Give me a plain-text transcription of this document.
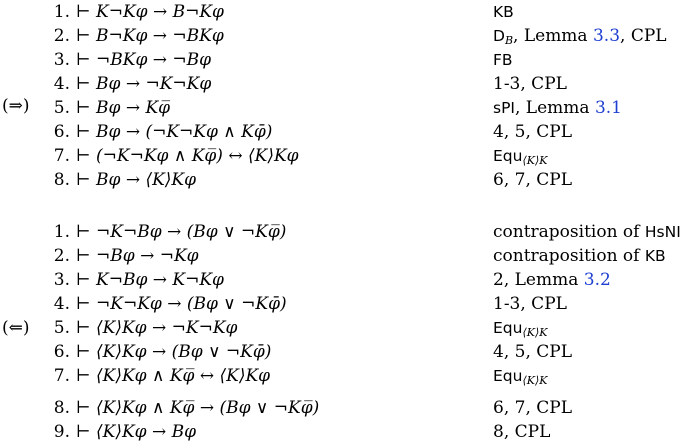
(⇒)
1. ⊢ K¬Kφ → B¬Kφ	KB
2. ⊢ B¬Kφ → ¬BKφ	$D_B$, Lemma 3.3, CPL
3. ⊢ ¬BKφ → ¬Bφ	FB
4. ⊢ Bφ → ¬K¬Kφ	1-3, CPL
5. ⊢ Bφ → Kφ̅	sPI, Lemma 3.1
6. ⊢ Bφ → (¬K¬Kφ ∧ Kφ̄)	4, 5, CPL
7. ⊢ (¬K¬Kφ ∧ Kφ̅) ↔ ⟨K⟩Kφ	Equ$_{⟨K⟩K}$
8. ⊢ Bφ → ⟨K⟩Kφ	6, 7, CPL
(⇐)
1. ⊢ ¬K¬Bφ → (Bφ ∨ ¬Kφ̅)	contraposition of HsNI
2. ⊢ ¬Bφ → ¬Kφ	contraposition of KB
3. ⊢ K¬Bφ → K¬Kφ	2, Lemma 3.2
4. ⊢ ¬K¬Kφ → (Bφ ∨ ¬Kφ̄)	1-3, CPL
5. ⊢ ⟨K⟩Kφ → ¬K¬Kφ	Equ$_{⟨K⟩K}$
6. ⊢ ⟨K⟩Kφ → (Bφ ∨ ¬Kφ̄)	4, 5, CPL
7. ⊢ ⟨K⟩Kφ ∧ Kφ̅ ↔ ⟨K⟩Kφ	Equ$_{⟨K⟩K}$
8. ⊢ ⟨K⟩Kφ ∧ Kφ̅ → (Bφ ∨ ¬Kφ̅)	6, 7, CPL
9. ⊢ ⟨K⟩Kφ → Bφ	8, CPL
